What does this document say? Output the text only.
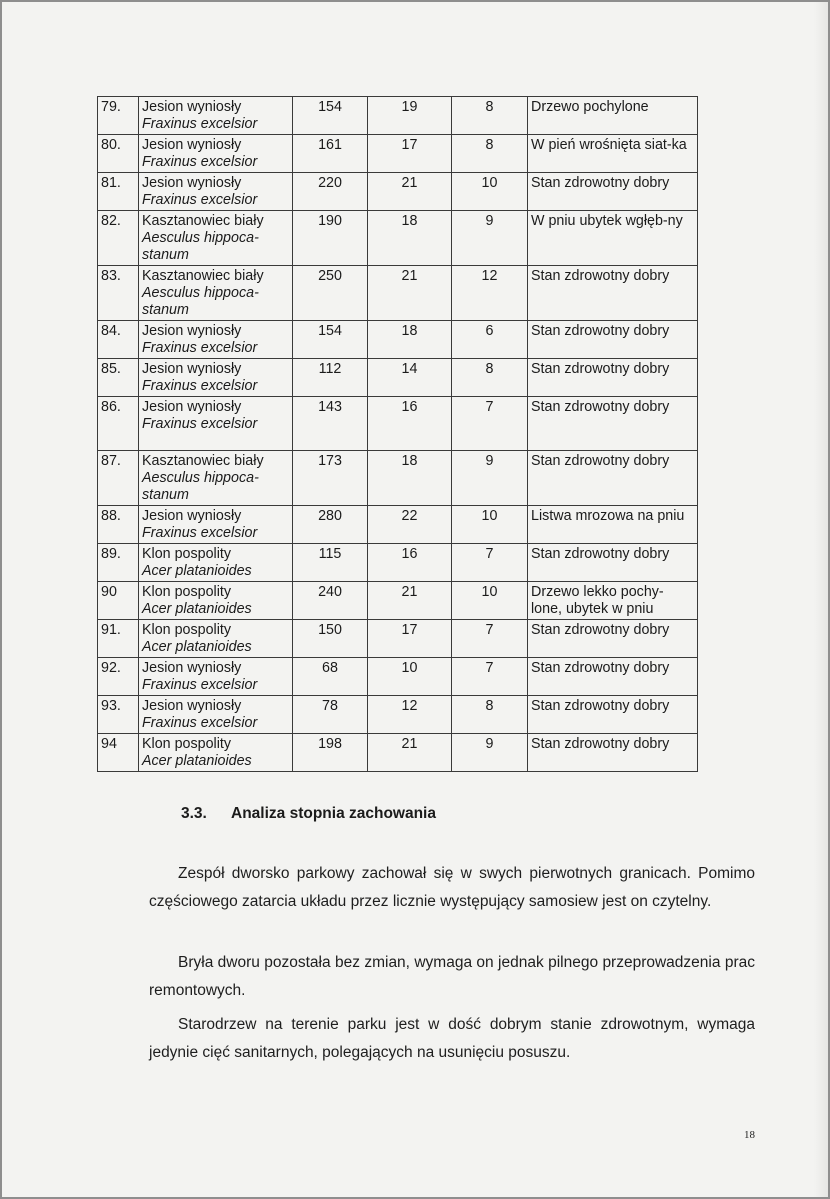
79.	Jesion wyniosły
Fraxinus excelsior	154	19	8	Drzewo pochylone
80.	Jesion wyniosły
Fraxinus excelsior	161	17	8	W pień wrośnięta siat-ka
81.	Jesion wyniosły
Fraxinus excelsior	220	21	10	Stan zdrowotny dobry
82.	Kasztanowiec biały
Aesculus hippoca-stanum	190	18	9	W pniu ubytek wgłęb-ny
83.	Kasztanowiec biały
Aesculus hippoca-stanum	250	21	12	Stan zdrowotny dobry
84.	Jesion wyniosły
Fraxinus excelsior	154	18	6	Stan zdrowotny dobry
85.	Jesion wyniosły
Fraxinus excelsior	112	14	8	Stan zdrowotny dobry
86.	Jesion wyniosły
Fraxinus excelsior	143	16	7	Stan zdrowotny dobry
87.	Kasztanowiec biały
Aesculus hippoca-stanum	173	18	9	Stan zdrowotny dobry
88.	Jesion wyniosły
Fraxinus excelsior	280	22	10	Listwa mrozowa na pniu
89.	Klon pospolity
Acer platanioides	115	16	7	Stan zdrowotny dobry
90	Klon pospolity
Acer platanioides	240	21	10	Drzewo lekko pochy-lone, ubytek w pniu
91.	Klon pospolity
Acer platanioides	150	17	7	Stan zdrowotny dobry
92.	Jesion wyniosły
Fraxinus excelsior	68	10	7	Stan zdrowotny dobry
93.	Jesion wyniosły
Fraxinus excelsior	78	12	8	Stan zdrowotny dobry
94	Klon pospolity
Acer platanioides	198	21	9	Stan zdrowotny dobry
3.3. Analiza stopnia zachowania

Zespół dworsko parkowy zachował się w swych pierwotnych granicach. Pomimo częściowego zatarcia układu przez licznie występujący samosiew jest on czytelny.

Bryła dworu pozostała bez zmian, wymaga on jednak pilnego przeprowadzenia prac remontowych.

Starodrzew na terenie parku jest w dość dobrym stanie zdrowotnym, wymaga jedynie cięć sanitarnych, polegających na usunięciu posuszu.

18
